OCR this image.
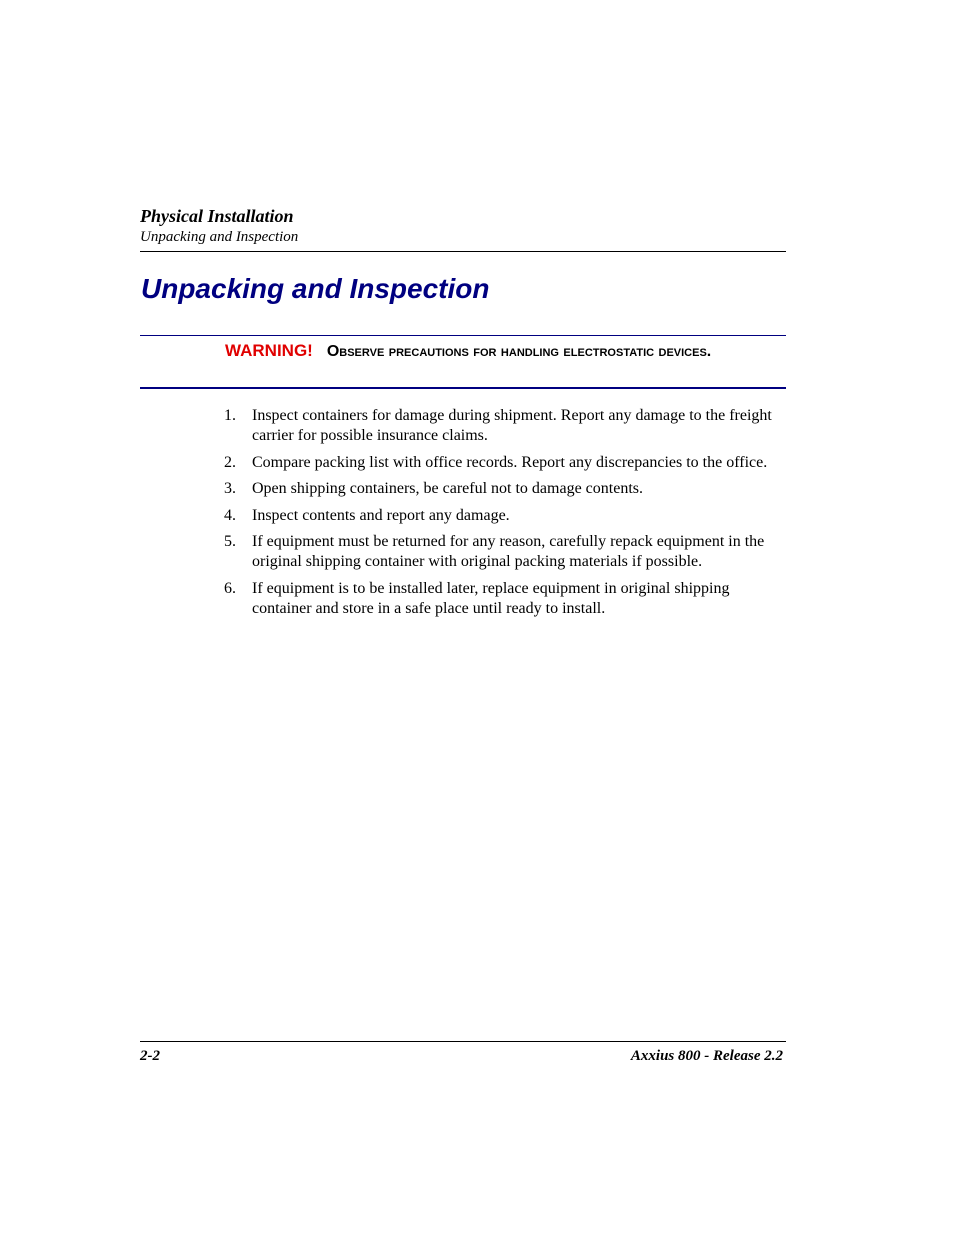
Physical Installation
Unpacking and Inspection
Unpacking and Inspection
WARNING! Observe precautions for handling electrostatic devices.
1. Inspect containers for damage during shipment. Report any damage to the freight carrier for possible insurance claims.
2. Compare packing list with office records. Report any discrepancies to the office.
3. Open shipping containers, be careful not to damage contents.
4. Inspect contents and report any damage.
5. If equipment must be returned for any reason, carefully repack equipment in the original shipping container with original packing materials if possible.
6. If equipment is to be installed later, replace equipment in original shipping container and store in a safe place until ready to install.
2-2	Axxius 800 - Release 2.2
